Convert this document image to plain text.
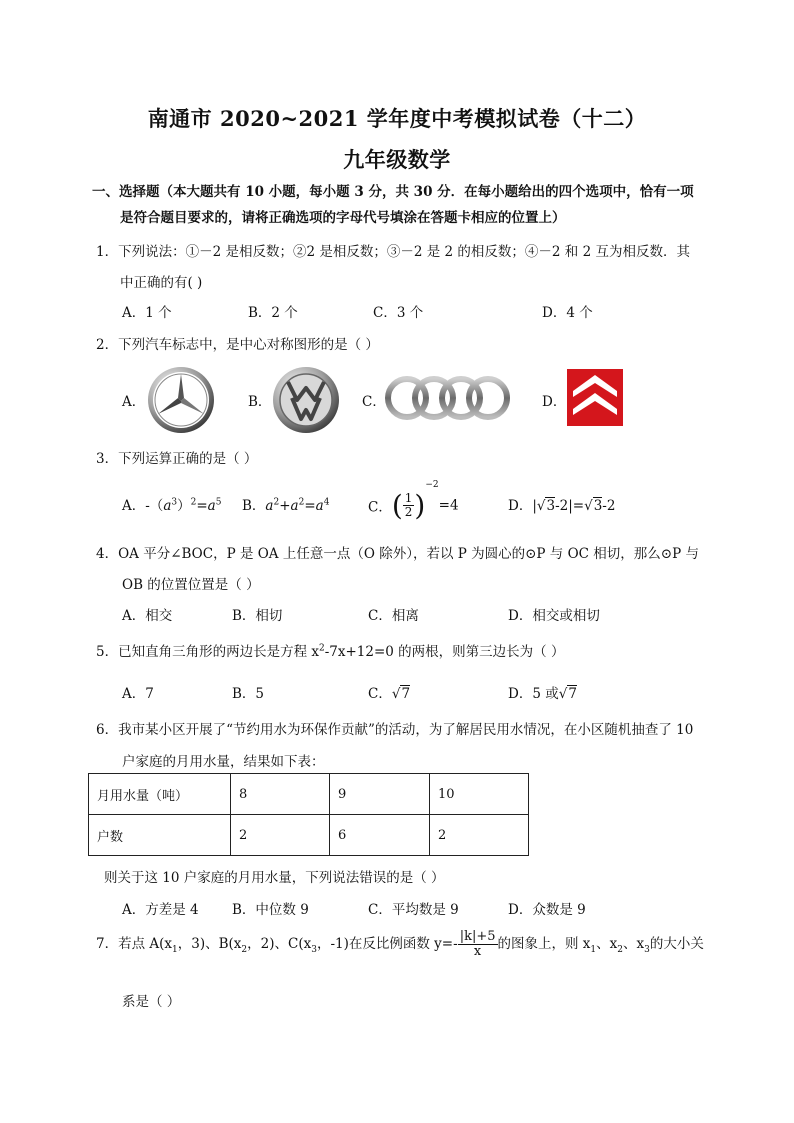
南通市 2020~2021 学年度中考模拟试卷（十二）
九年级数学
一、选择题（本大题共有 10 小题，每小题 3 分，共 30 分．在每小题给出的四个选项中，恰有一项
是符合题目要求的，请将正确选项的字母代号填涂在答题卡相应的位置上）
1．下列说法：①－2 是相反数；②2 是相反数；③－2 是 2 的相反数；④－2 和 2 互为相反数．其
中正确的有( )
A．1 个	B．2 个	C．3 个	D．4 个
2．下列汽车标志中，是中心对称图形的是（ ）
A．	B．	C．	D．
3．下列运算正确的是（ ）
A．$-(a^3)^2=a^5$ B．$a^2+a^2=a^4$	C．( $\frac{1}{2} )^{-2}=4$	D．|√3-2|=√3-2
4．OA 平分∠BOC，P 是 OA 上任意一点（O 除外），若以 P 为圆心的⊙P 与 OC 相切，那么⊙P 与
OB 的位置位置是（ ）
A．相交	B．相切	C．相离	D．相交或相切
5．已知直角三角形的两边长是方程 $x^2-7x+12=0$ 的两根，则第三边长为（ ）
A．7	B．5	C．√7	D．5 或√7
6．我市某小区开展了“节约用水为环保作贡献”的活动，为了解居民用水情况，在小区随机抽查了 10
户家庭的月用水量，结果如下表：
月用水量（吨）	8	9	10
户数	2	6	2
则关于这 10 户家庭的月用水量，下列说法错误的是（ ）
A．方差是 4 B．中位数 9	C．平均数是 9	D．众数是 9
7．若点 $A(x_1$，3)、$B(x_2$，2)、$C(x_3$，-1)在反比例函数 $y=- \frac{|k|+5}{x}$ 的图象上，则 $x_1$、$x_2$、$x_3$的大小关
系是（ ）
